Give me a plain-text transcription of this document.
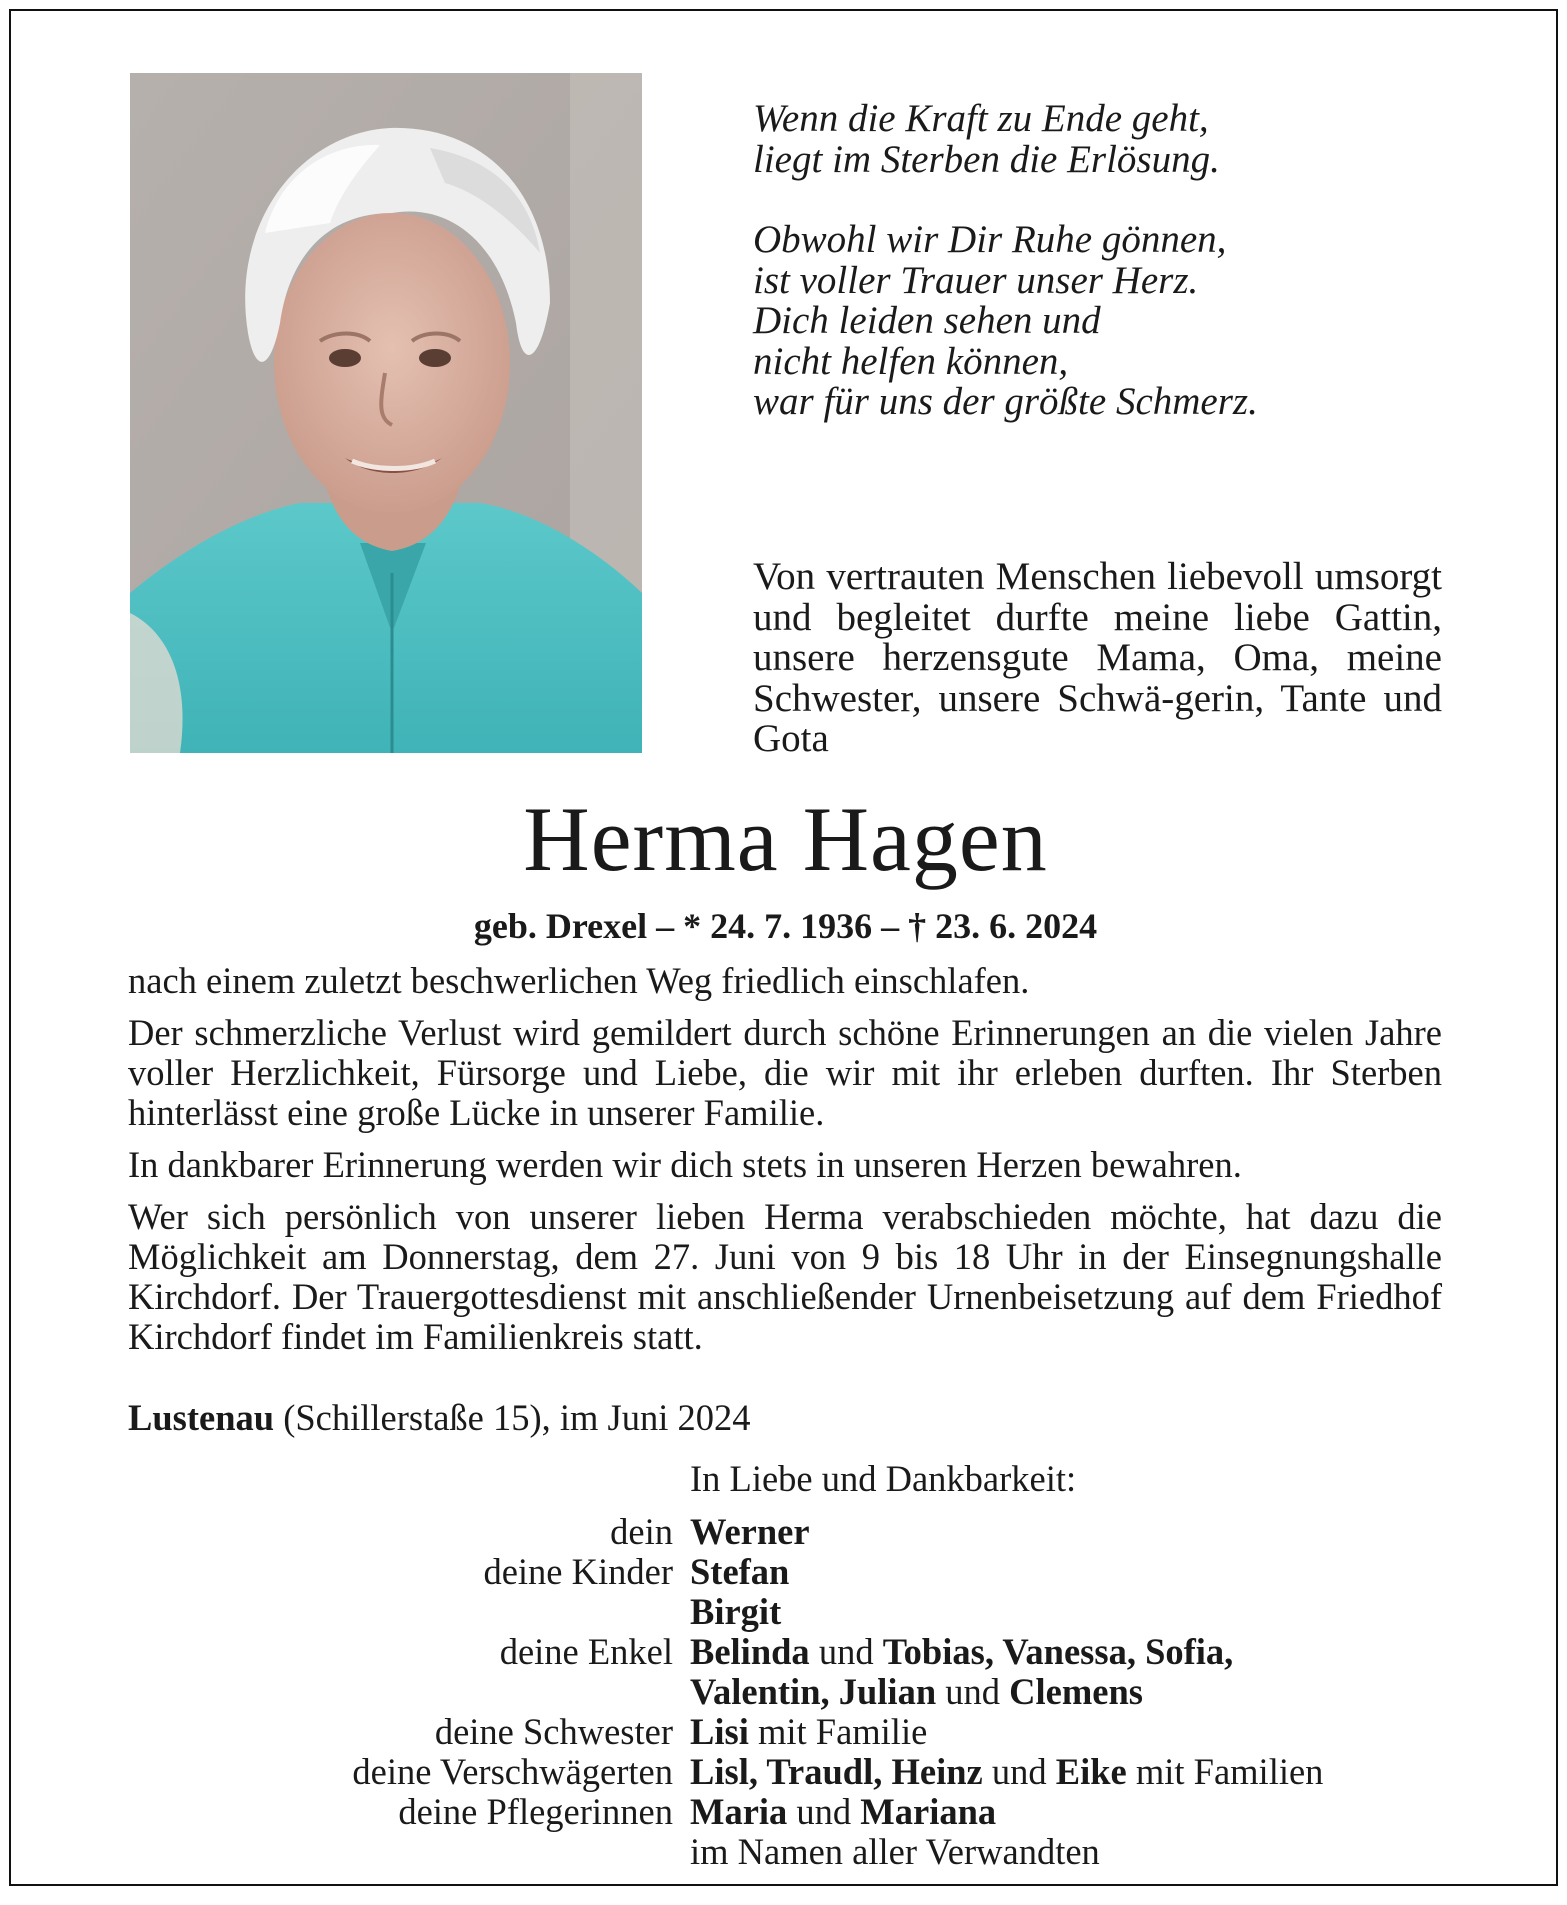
Wenn die Kraft zu Ende geht,
liegt im Sterben die Erlösung.
Obwohl wir Dir Ruhe gönnen,
ist voller Trauer unser Herz.
Dich leiden sehen und
nicht helfen können,
war für uns der größte Schmerz.
Von vertrauten Menschen liebevoll umsorgt und begleitet durfte meine liebe Gattin, unsere herzensgute Mama, Oma, meine Schwester, unsere Schwä-gerin, Tante und Gota
Herma Hagen
geb. Drexel – * 24. 7. 1936 – † 23. 6. 2024

nach einem zuletzt beschwerlichen Weg friedlich einschlafen.

Der schmerzliche Verlust wird gemildert durch schöne Erinnerungen an die vielen Jahre voller Herzlichkeit, Fürsorge und Liebe, die wir mit ihr erleben durften. Ihr Sterben hinterlässt eine große Lücke in unserer Familie.

In dankbarer Erinnerung werden wir dich stets in unseren Herzen bewahren.

Wer sich persönlich von unserer lieben Herma verabschieden möchte, hat dazu die Möglichkeit am Donnerstag, dem 27. Juni von 9 bis 18 Uhr in der Einsegnungshalle Kirchdorf. Der Trauergottesdienst mit anschließender Urnenbeisetzung auf dem Friedhof Kirchdorf findet im Familienkreis statt.

Lustenau (Schillerstaße 15), im Juni 2024
In Liebe und Dankbarkeit:
dein Werner
deine Kinder Stefan
Birgit
deine Enkel Belinda und Tobias, Vanessa, Sofia,
Valentin, Julian und Clemens
deine Schwester Lisi mit Familie
deine Verschwägerten Lisl, Traudl, Heinz und Eike mit Familien
deine Pflegerinnen Maria und Mariana
im Namen aller Verwandten
